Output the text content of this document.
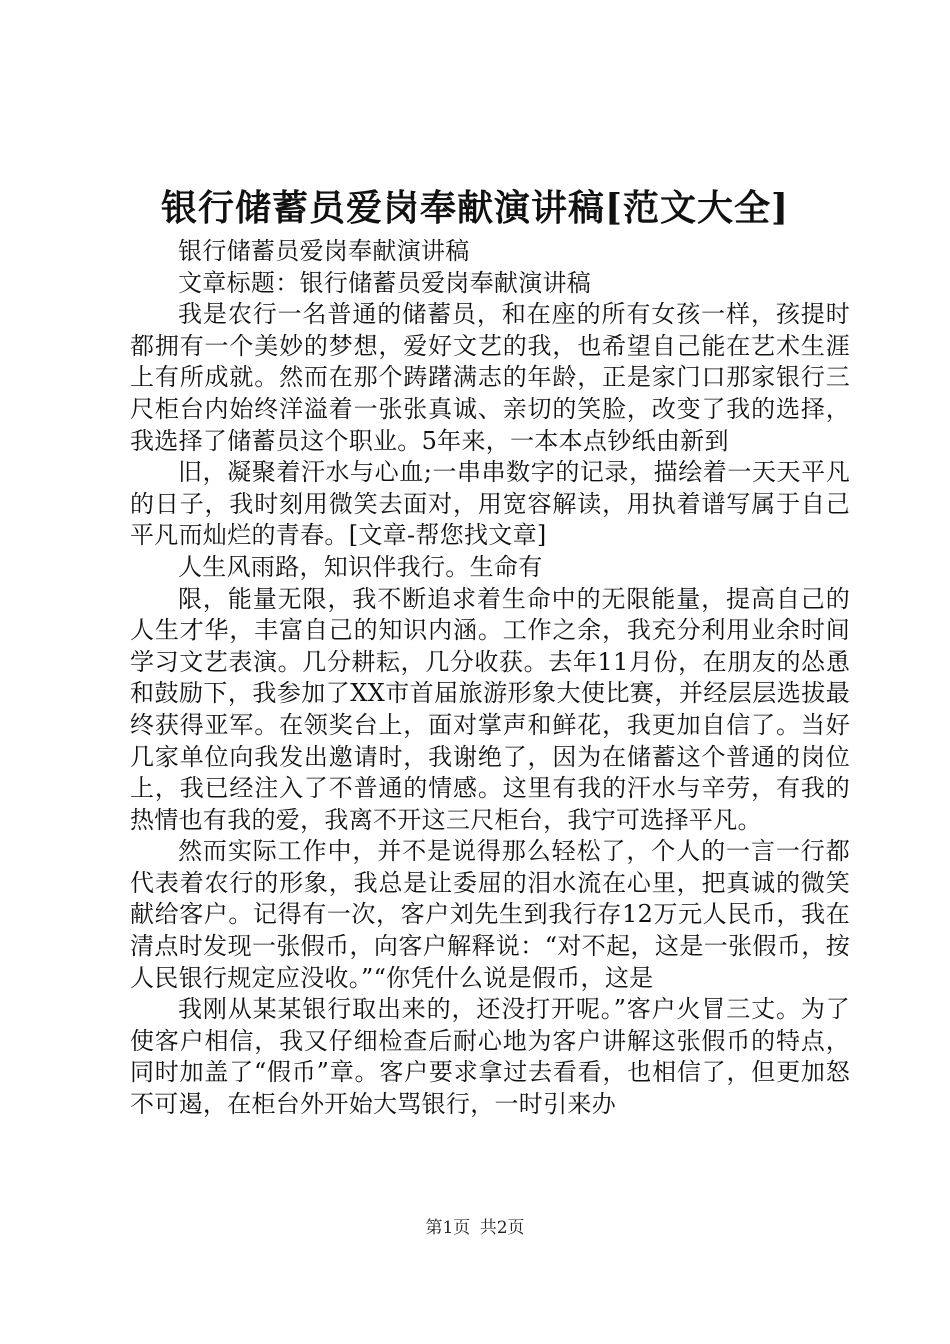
银行储蓄员爱岗奉献演讲稿[范文大全]

银行储蓄员爱岗奉献演讲稿

文章标题：银行储蓄员爱岗奉献演讲稿

我是农行一名普通的储蓄员，和在座的所有女孩一样，孩提时都拥有一个美妙的梦想，爱好文艺的我，也希望自己能在艺术生涯上有所成就。然而在那个踌躇满志的年龄，正是家门口那家银行三尺柜台内始终洋溢着一张张真诚、亲切的笑脸，改变了我的选择，我选择了储蓄员这个职业。5年来，一本本点钞纸由新到

旧，凝聚着汗水与心血;一串串数字的记录，描绘着一天天平凡的日子，我时刻用微笑去面对，用宽容解读，用执着谱写属于自己平凡而灿烂的青春。[文章-帮您找文章]

人生风雨路，知识伴我行。生命有

限，能量无限，我不断追求着生命中的无限能量，提高自己的人生才华，丰富自己的知识内涵。工作之余，我充分利用业余时间学习文艺表演。几分耕耘，几分收获。去年11月份，在朋友的怂恿和鼓励下，我参加了XX市首届旅游形象大使比赛，并经层层选拔最终获得亚军。在领奖台上，面对掌声和鲜花，我更加自信了。当好几家单位向我发出邀请时，我谢绝了，因为在储蓄这个普通的岗位上，我已经注入了不普通的情感。这里有我的汗水与辛劳，有我的热情也有我的爱，我离不开这三尺柜台，我宁可选择平凡。

然而实际工作中，并不是说得那么轻松了，个人的一言一行都代表着农行的形象，我总是让委屈的泪水流在心里，把真诚的微笑献给客户。记得有一次，客户刘先生到我行存12万元人民币，我在清点时发现一张假币，向客户解释说：“对不起，这是一张假币，按人民银行规定应没收。”“你凭什么说是假币，这是

我刚从某某银行取出来的，还没打开呢。”客户火冒三丈。为了使客户相信，我又仔细检查后耐心地为客户讲解这张假币的特点，同时加盖了“假币”章。客户要求拿过去看看，也相信了，但更加怒不可遏，在柜台外开始大骂银行，一时引来办

第1页 共2页
